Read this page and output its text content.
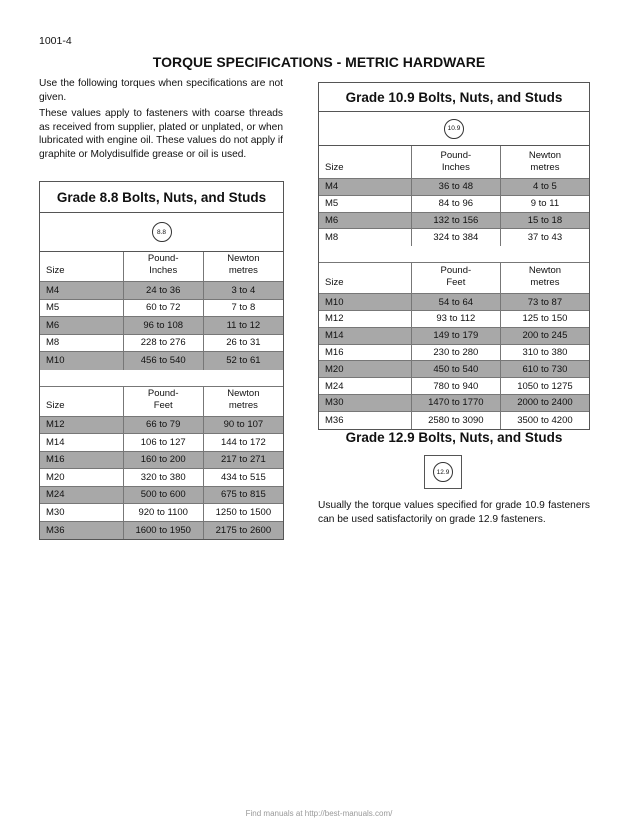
1001-4
TORQUE SPECIFICATIONS - METRIC HARDWARE
Use the following torques when specifications are not given.
These values apply to fasteners with coarse threads as received from supplier, plated or unplated, or when lubricated with engine oil. These values do not apply if graphite or Molydisulfide grease or oil is used.
Grade 8.8 Bolts, Nuts, and Studs
8.8
Size
Pound-
Inches
Newton
metres
M4	24 to 36	3 to 4
M5	60 to 72	7 to 8
M6	96 to 108	11 to 12
M8	228 to 276	26 to 31
M10	456 to 540	52 to 61
Size
Pound-
Feet
Newton
metres
M12	66 to 79	90 to 107
M14	106 to 127	144 to 172
M16	160 to 200	217 to 271
M20	320 to 380	434 to 515
M24	500 to 600	675 to 815
M30	920 to 1100	1250 to 1500
M36	1600 to 1950	2175 to 2600
Grade 10.9 Bolts, Nuts, and Studs
10.9
Size
Pound-
Inches
Newton
metres
M4	36 to 48	4 to 5
M5	84 to 96	9 to 11
M6	132 to 156	15 to 18
M8	324 to 384	37 to 43
Size
Pound-
Feet
Newton
metres
M10	54 to 64	73 to 87
M12	93 to 112	125 to 150
M14	149 to 179	200 to 245
M16	230 to 280	310 to 380
M20	450 to 540	610 to 730
M24	780 to 940	1050 to 1275
M30	1470 to 1770	2000 to 2400
M36	2580 to 3090	3500 to 4200
Grade 12.9 Bolts, Nuts, and Studs
12.9
Usually the torque values specified for grade 10.9 fasteners can be used satisfactorily on grade 12.9 fasteners.
Find manuals at http://best-manuals.com/
